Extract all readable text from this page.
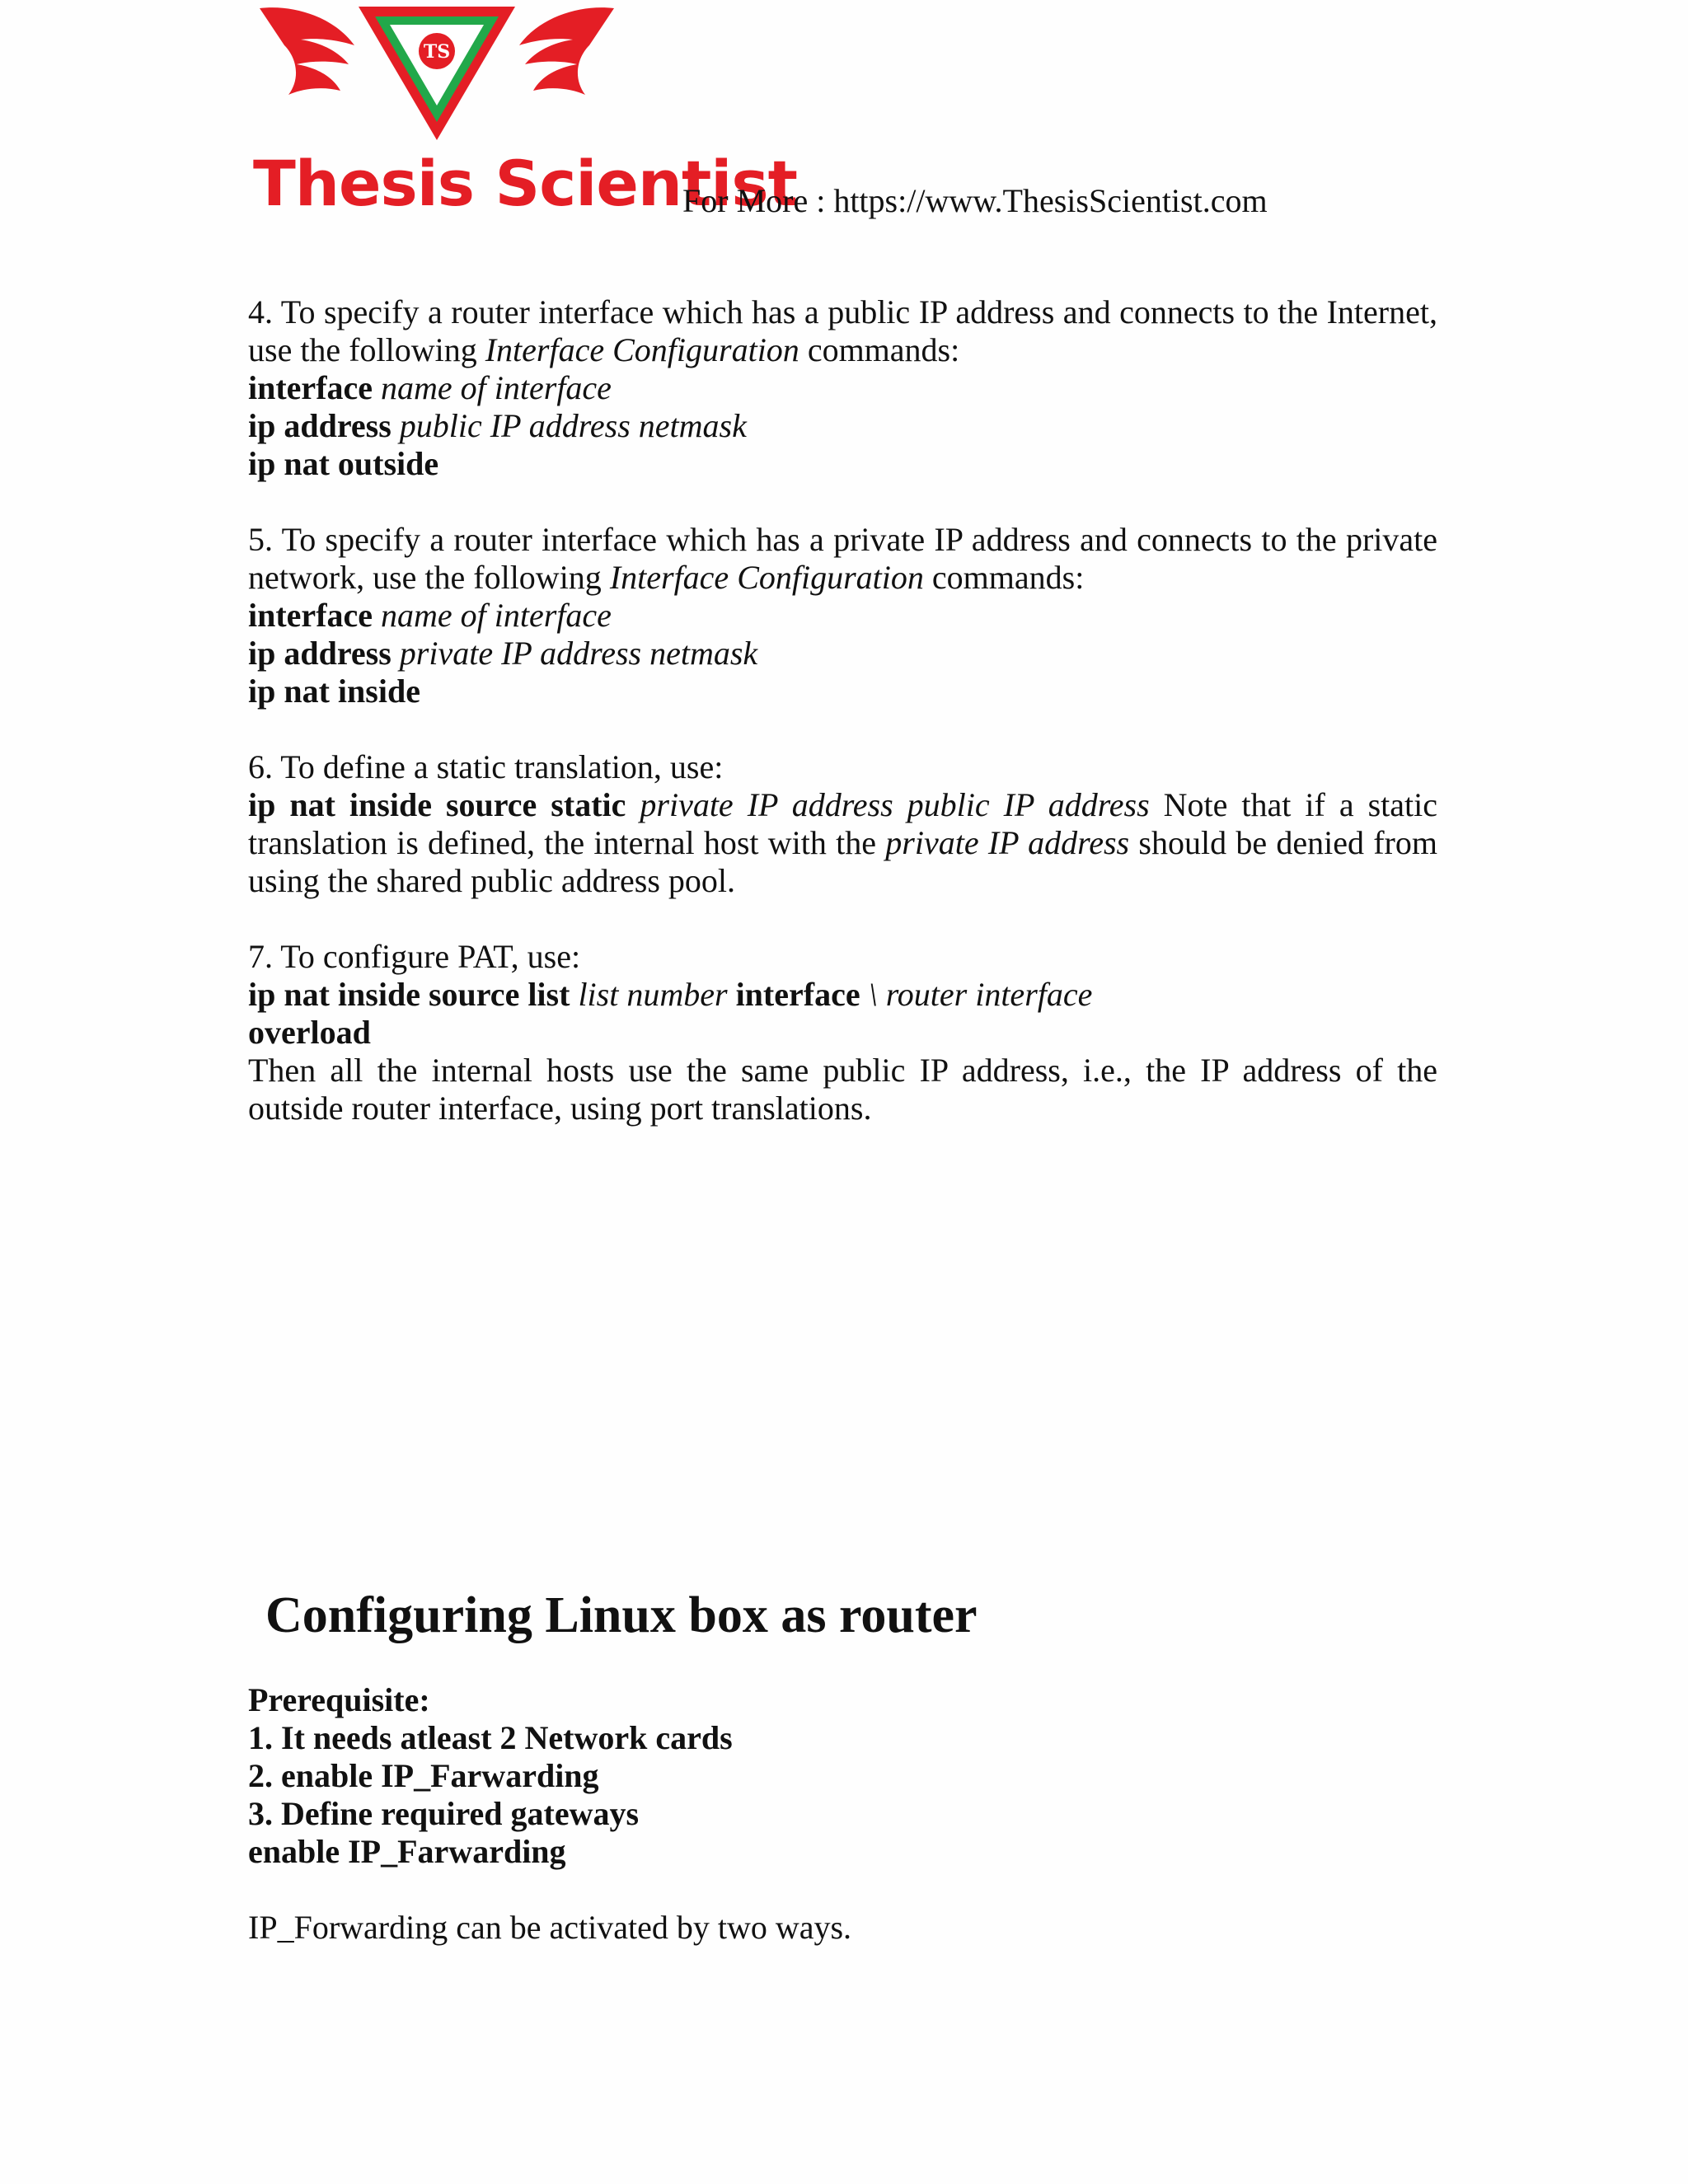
TS
Thesis Scientist
For More : https://www.ThesisScientist.com
4. To specify a router interface which has a public IP address and connects to the Internet, use the following Interface Configuration commands:
interface name of interface
ip address public IP address netmask
ip nat outside
5. To specify a router interface which has a private IP address and connects to the private network, use the following Interface Configuration commands:
interface name of interface
ip address private IP address netmask
ip nat inside
6. To define a static translation, use:
ip nat inside source static private IP address public IP address Note that if a static translation is defined, the internal host with the private IP address should be denied from using the shared public address pool.
7. To configure PAT, use:
ip nat inside source list list number interface \ router interface
overload
Then all the internal hosts use the same public IP address, i.e., the IP address of the outside router interface, using port translations.
Configuring Linux box as router
Prerequisite:
1. It needs atleast 2 Network cards
2. enable IP_Farwarding
3. Define required gateways
enable IP_Farwarding
IP_Forwarding can be activated by two ways.
